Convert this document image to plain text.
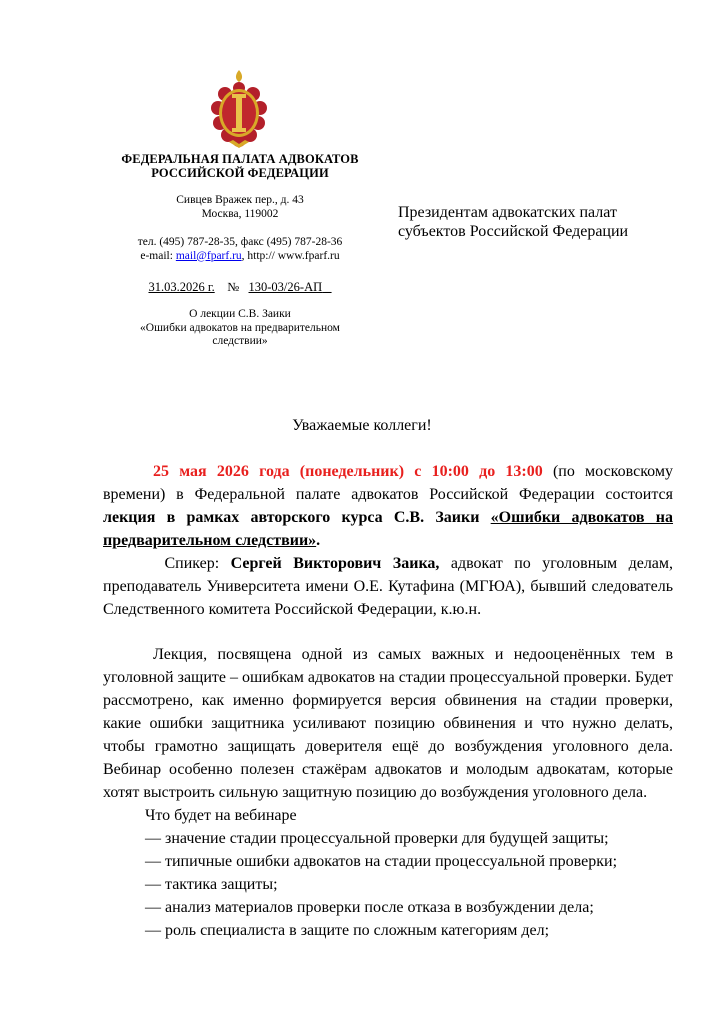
ФЕДЕРАЛЬНАЯ ПАЛАТА АДВОКАТОВ
РОССИЙСКОЙ ФЕДЕРАЦИИ
Сивцев Вражек пер., д. 43
Москва, 119002
тел. (495) 787-28-35, факс (495) 787-28-36
e-mail: mail@fparf.ru, http:// www.fparf.ru
31.03.2026 г. № 130-03/26-АП _
О лекции С.В. Заики
«Ошибки адвокатов на предварительном
следствии»
Президентам адвокатских палат
субъектов Российской Федерации
Уважаемые коллеги!

25 мая 2026 года (понедельник) с 10:00 до 13:00 (по московскому времени) в Федеральной палате адвокатов Российской Федерации состоится лекция в рамках авторского курса С.В. Заики «Ошибки адвокатов на предварительном следствии».

Спикер: Сергей Викторович Заика, адвокат по уголовным делам, преподаватель Университета имени О.Е. Кутафина (МГЮА), бывший следователь Следственного комитета Российской Федерации, к.ю.н.

Лекция, посвящена одной из самых важных и недооценённых тем в уголовной защите – ошибкам адвокатов на стадии процессуальной проверки. Будет рассмотрено, как именно формируется версия обвинения на стадии проверки, какие ошибки защитника усиливают позицию обвинения и что нужно делать, чтобы грамотно защищать доверителя ещё до возбуждения уголовного дела. Вебинар особенно полезен стажёрам адвокатов и молодым адвокатам, которые хотят выстроить сильную защитную позицию до возбуждения уголовного дела.

Что будет на вебинаре

— значение стадии процессуальной проверки для будущей защиты;
— типичные ошибки адвокатов на стадии процессуальной проверки;
— тактика защиты;
— анализ материалов проверки после отказа в возбуждении дела;
— роль специалиста в защите по сложным категориям дел;
